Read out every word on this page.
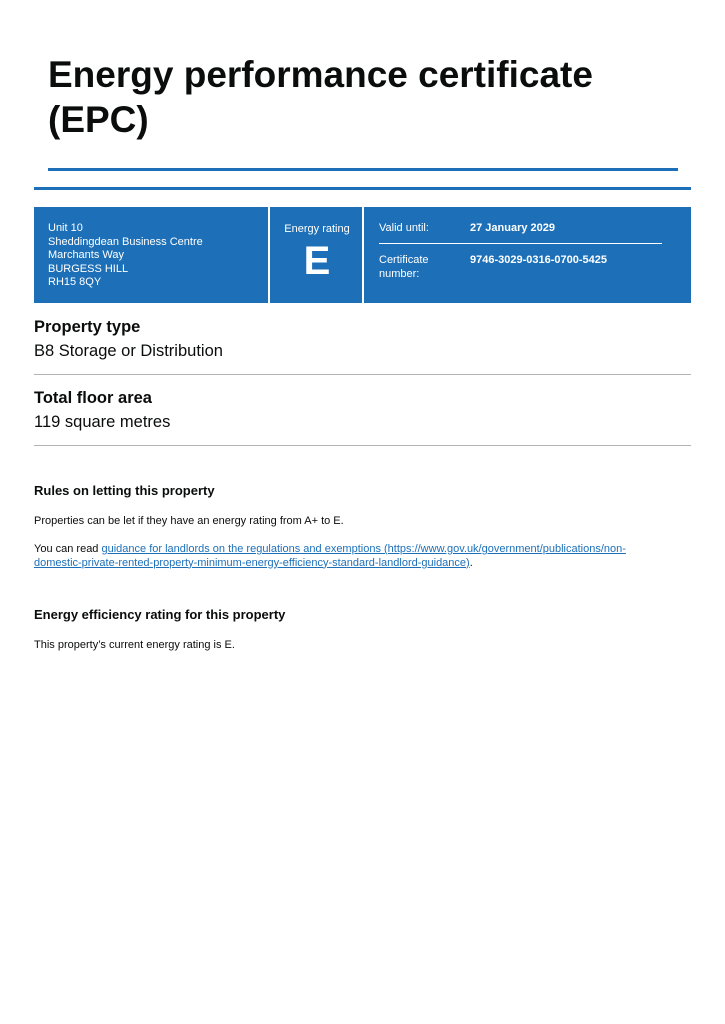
Energy performance certificate (EPC)
Unit 10
Sheddingdean Business Centre
Marchants Way
BURGESS HILL
RH15 8QY
Energy rating
E
Valid until:	27 January 2029
Certificate
number:
9746-3029-0316-0700-5425
Property type

B8 Storage or Distribution

Total floor area

119 square metres

Rules on letting this property

Properties can be let if they have an energy rating from A+ to E.

You can read guidance for landlords on the regulations and exemptions (https://www.gov.uk/government/publications/non-
domestic-private-rented-property-minimum-energy-efficiency-standard-landlord-guidance).

Energy efficiency rating for this property

This property’s current energy rating is E.
